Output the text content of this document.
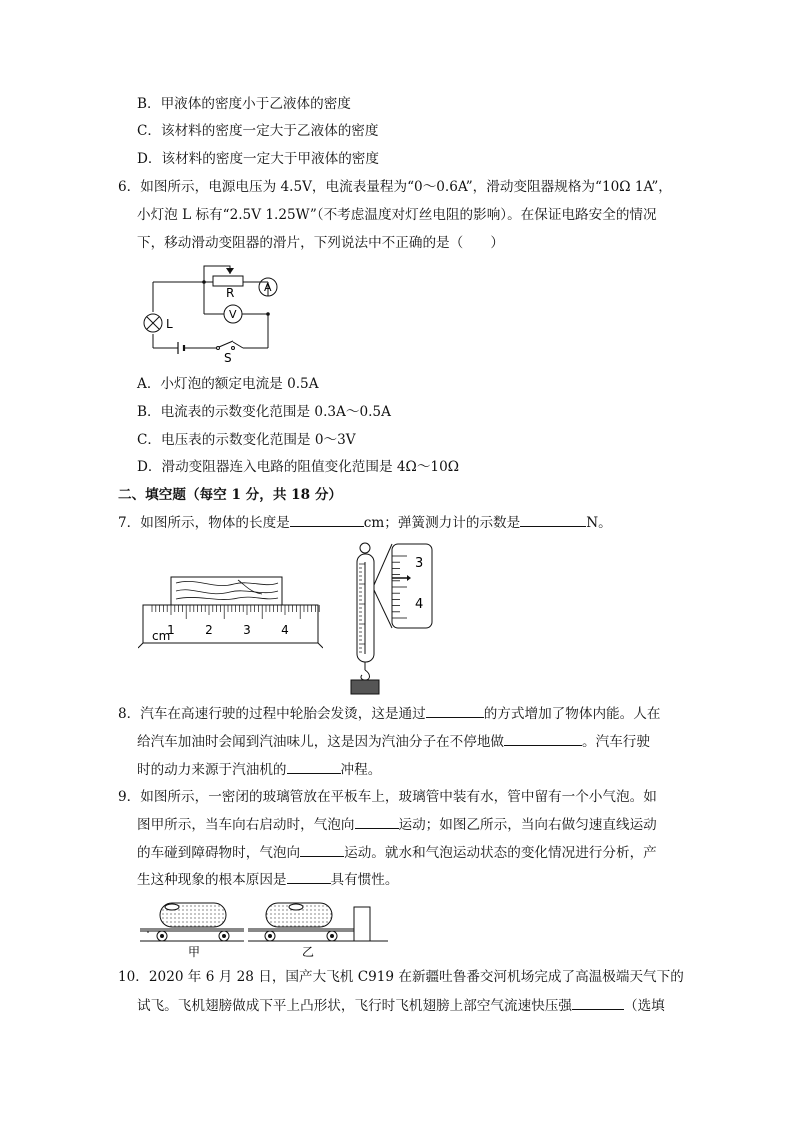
B．甲液体的密度小于乙液体的密度
C．该材料的密度一定大于乙液体的密度
D．该材料的密度一定大于甲液体的密度
6．如图所示，电源电压为 4.5V，电流表量程为“0～0.6A”，滑动变阻器规格为“10Ω 1A”，
小灯泡 L 标有“2.5V 1.25W”（不考虑温度对灯丝电阻的影响）。在保证电路安全的情况
下，移动滑动变阻器的滑片，下列说法中不正确的是（　　）
R	A
V
L
S
A．小灯泡的额定电流是 0.5A
B．电流表的示数变化范围是 0.3A～0.5A
C．电压表的示数变化范围是 0～3V
D．滑动变阻器连入电路的阻值变化范围是 4Ω～10Ω
二、填空题（每空 1 分，共 18 分）
7．如图所示，物体的长度是	cm；弹簧测力计的示数是	N。
cm
1	2	3	4
3
4
8．汽车在高速行驶的过程中轮胎会发烫，这是通过	的方式增加了物体内能。人在
给汽车加油时会闻到汽油味儿，这是因为汽油分子在不停地做	。汽车行驶
时的动力来源于汽油机的	冲程。
9．如图所示，一密闭的玻璃管放在平板车上，玻璃管中装有水，管中留有一个小气泡。如
图甲所示，当车向右启动时，气泡向	运动；如图乙所示，当向右做匀速直线运动
的车碰到障碍物时，气泡向	运动。就水和气泡运动状态的变化情况进行分析，产
生这种现象的根本原因是	具有惯性。
甲	乙
10．2020 年 6 月 28 日，国产大飞机 C919 在新疆吐鲁番交河机场完成了高温极端天气下的
试飞。飞机翅膀做成下平上凸形状，飞行时飞机翅膀上部空气流速快压强	（选填
